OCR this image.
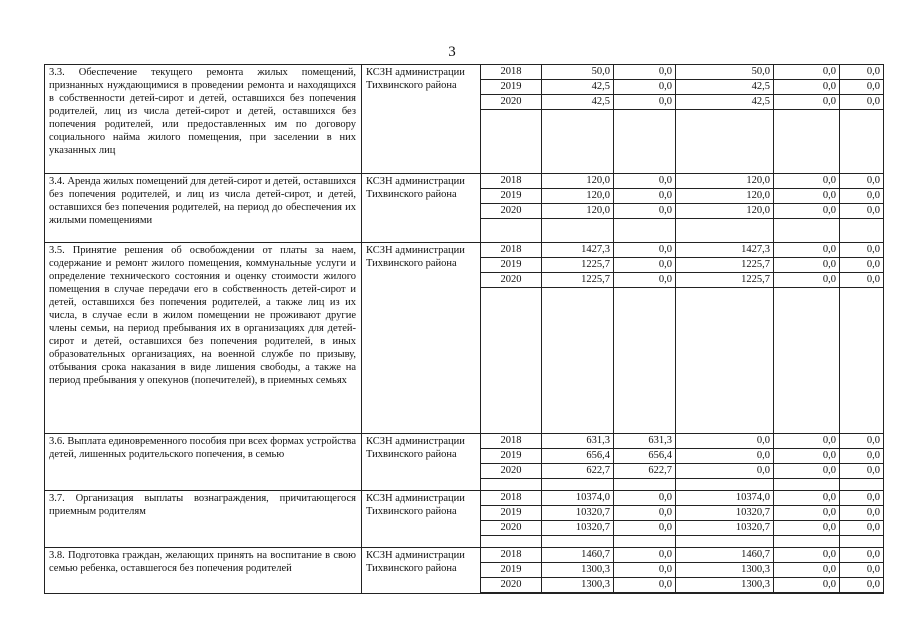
3
3.3. Обеспечение текущего ремонта жилых помещений, признанных нуждающимися в проведении ремонта и находящихся в собственности детей-сирот и детей, оставшихся без попечения родителей, лиц из числа детей-сирот и детей, оставшихся без попечения родителей, или предоставленных им по договору социального найма жилого помещения, при заселении в них указанных лиц	КСЗН администрации Тихвинского района	2018	50,0	0,0	50,0	0,0	0,0
		2019	42,5	0,0	42,5	0,0	0,0
		2020	42,5	0,0	42,5	0,0	0,0

3.4. Аренда жилых помещений для детей-сирот и детей, оставшихся без попечения родителей, и лиц из числа детей-сирот, и детей, оставшихся без попечения родителей, на период до обеспечения их жилыми помещениями	КСЗН администрации Тихвинского района	2018	120,0	0,0	120,0	0,0	0,0
		2019	120,0	0,0	120,0	0,0	0,0
		2020	120,0	0,0	120,0	0,0	0,0

3.5. Принятие решения об освобождении от платы за наем, содержание и ремонт жилого помещения, коммунальные услуги и определение технического состояния и оценку стоимости жилого помещения в случае передачи его в собственность детей-сирот и детей, оставшихся без попечения родителей, а также лиц из их числа, в случае если в жилом помещении не проживают другие члены семьи, на период пребывания их в организациях для детей-сирот и детей, оставшихся без попечения родителей, в иных образовательных организациях, на военной службе по призыву, отбывания срока наказания в виде лишения свободы, а также на период пребывания у опекунов (попечителей), в приемных семьях	КСЗН администрации Тихвинского района	2018	1427,3	0,0	1427,3	0,0	0,0
		2019	1225,7	0,0	1225,7	0,0	0,0
		2020	1225,7	0,0	1225,7	0,0	0,0

3.6. Выплата единовременного пособия при всех формах устройства детей, лишенных родительского попечения, в семью	КСЗН администрации Тихвинского района	2018	631,3	631,3	0,0	0,0	0,0
		2019	656,4	656,4	0,0	0,0	0,0
		2020	622,7	622,7	0,0	0,0	0,0

3.7. Организация выплаты вознаграждения, причитающегося приемным родителям	КСЗН администрации Тихвинского района	2018	10374,0	0,0	10374,0	0,0	0,0
		2019	10320,7	0,0	10320,7	0,0	0,0
		2020	10320,7	0,0	10320,7	0,0	0,0

3.8. Подготовка граждан, желающих принять на воспитание в свою семью ребенка, оставшегося без попечения родителей	КСЗН администрации Тихвинского района	2018	1460,7	0,0	1460,7	0,0	0,0
		2019	1300,3	0,0	1300,3	0,0	0,0
		2020	1300,3	0,0	1300,3	0,0	0,0
